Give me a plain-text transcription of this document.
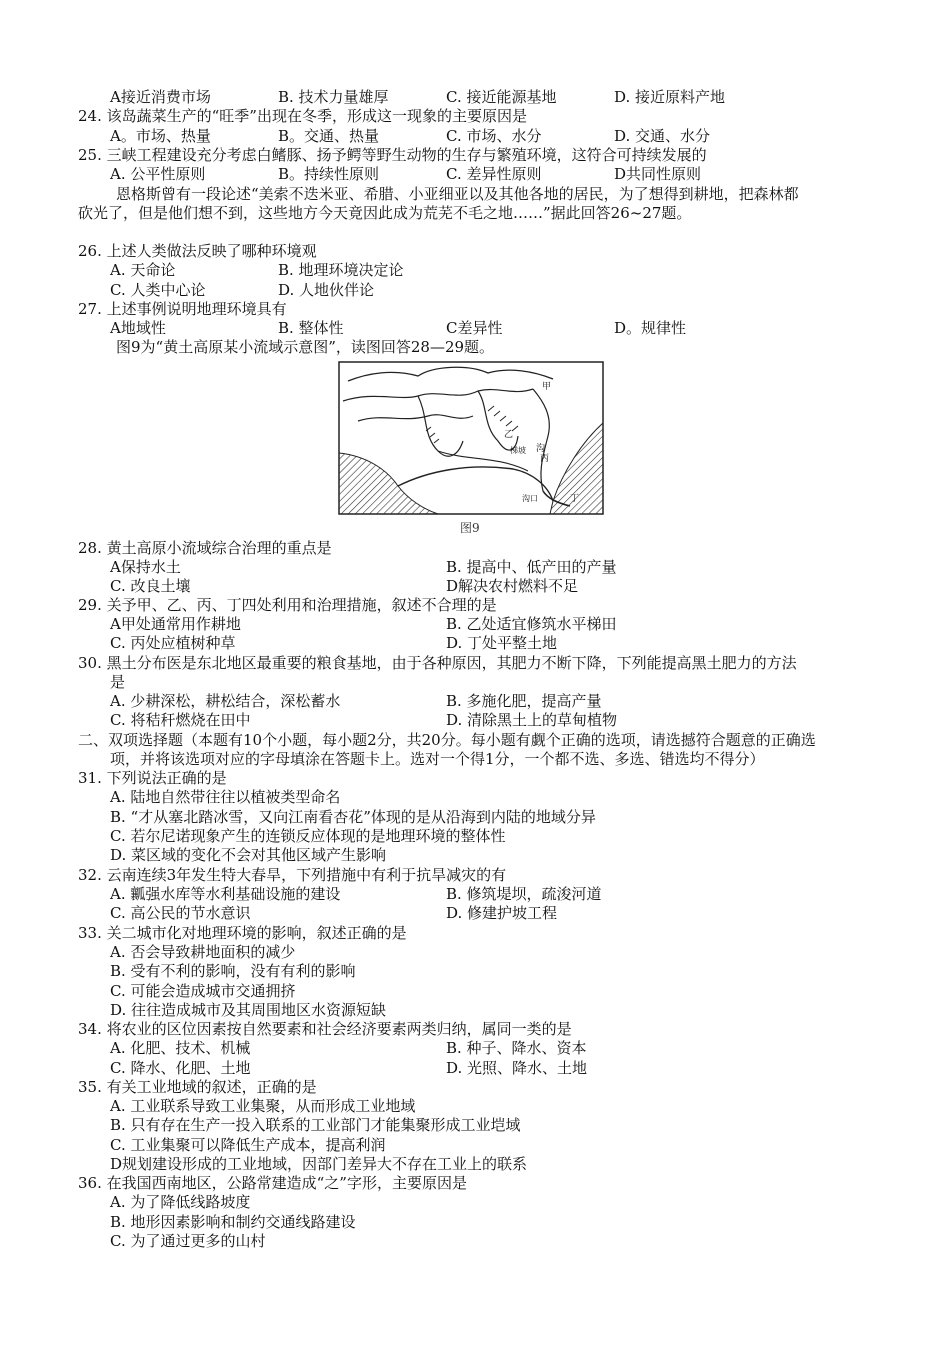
A接近消费市场	B. 技术力量雄厚	C. 接近能源基地	D. 接近原料产地
24. 该岛蔬菜生产的“旺季”出现在冬季，形成这一现象的主要原因是
A。市场、热量	B。交通、热量	C. 市场、水分	D. 交通、水分
25. 三峡工程建设充分考虑白鳍豚、扬予鳄等野生动物的生存与繁殖环境，这符合可持续发展的
A. 公平性原则	B。持续性原则	C. 差异性原则	D共同性原则
恩格斯曾有一段论述“美索不迭米亚、希腊、小亚细亚以及其他各地的居民，为了想得到耕地，把森林都
砍光了，但是他们想不到，这些地方今天竟因此成为荒芜不毛之地……”据此回答26~27题。
26. 上述人类做法反映了哪种环境观
A. 天命论	B. 地理环境决定论
C. 人类中心论	D. 人地伙伴论
27. 上述事例说明地理环境具有
A地域性	B. 整体性	C差异性	D。规律性
图9为“黄土高原某小流域示意图”，读图回答28—29题。
甲
乙
沟
丙
梯坡
沟口	丁
图9
28. 黄土高原小流域综合治理的重点是
A保持水土	B. 提高中、低产田的产量
C. 改良土壤	D解决农村燃料不足
29. 关予甲、乙、丙、丁四处利用和治理措施，叙述不合理的是
A甲处通常用作耕地	B. 乙处适宜修筑水平梯田
C. 丙处应植树种草	D. 丁处平整土地
30. 黑土分布医是东北地区最重要的粮食基地，由于各种原因，其肥力不断下降，下列能提高黑土肥力的方法
是
A. 少耕深松，耕松结合，深松蓄水	B. 多施化肥，提高产量
C. 将秸秆燃烧在田中	D. 清除黑土上的草甸植物
二、双项选择题（本题有10个小题，每小题2分，共20分。每小题有觑个正确的选项，请选撼符合题意的正确选
项，并将该选项对应的字母填涂在答题卡上。选对一个得1分，一个都不选、多选、错选均不得分）
31. 下列说法正确的是
A. 陆地自然带往往以植被类型命名
B. “才从塞北踏冰雪，又向江南看杏花”体现的是从沿海到内陆的地域分异
C. 若尔尼诺现象产生的连锁反应体现的是地理环境的整体性
D. 菜区域的变化不会对其他区域产生影响
32. 云南连续3年发生特大春旱，下列措施中有利于抗旱减灾的有
A. 瓤强水库等水利基础设施的建设	B. 修筑堤坝，疏浚河道
C. 高公民的节水意识	D. 修建护坡工程
33. 关二城市化对地理环境的影响，叙述正确的是
A. 否会导致耕地面积的减少
B. 受有不利的影响，没有有利的影响
C. 可能会造成城市交通拥挤
D. 往往造成城市及其周围地区水资源短缺
34. 将农业的区位因素按自然要素和社会经济要素两类归纳，属同一类的是
A. 化肥、技术、机械	B. 种子、降水、资本
C. 降水、化肥、土地	D. 光照、降水、土地
35. 有关工业地域的叙述，正确的是
A. 工业联系导致工业集聚，从而形成工业地域
B. 只有存在生产一投入联系的工业部门才能集聚形成工业垲域
C. 工业集聚可以降低生产成本，提高利润
D规划建设形成的工业地域，因部门差异大不存在工业上的联系
36. 在我国西南地区，公路常建造成“之”字形，主要原因是
A. 为了降低线路坡度
B. 地形因素影响和制约交通线路建设
C. 为了通过更多的山村
